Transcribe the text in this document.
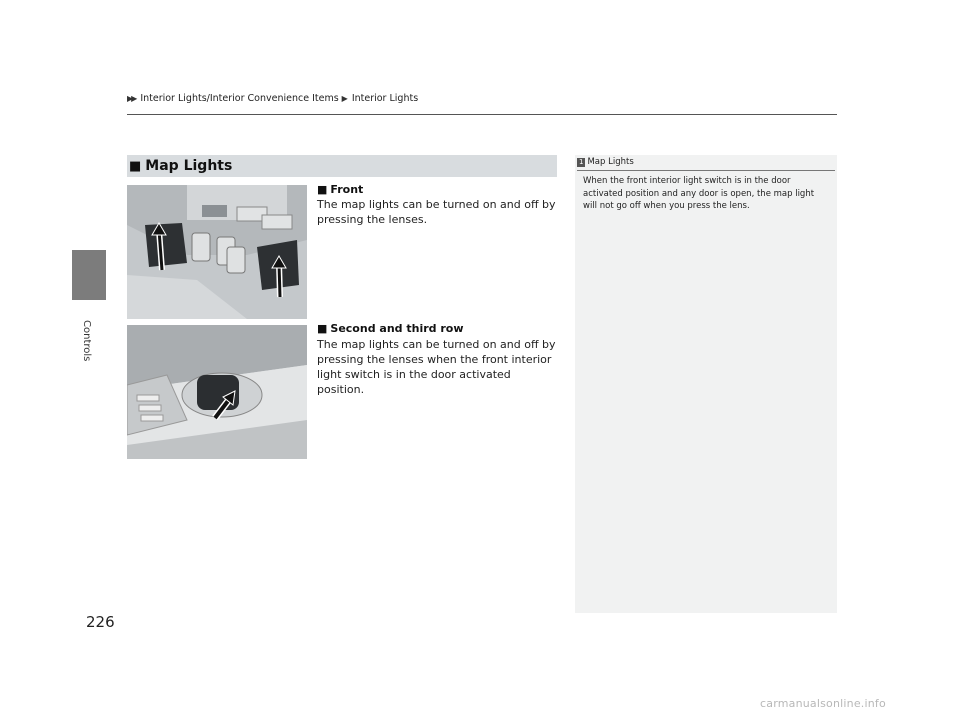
▶▶ Interior Lights/Interior Convenience Items ▶ Interior Lights
Controls
■ Map Lights
■ Front
The map lights can be turned on and off by pressing the lenses.
■ Second and third row
The map lights can be turned on and off by pressing the lenses when the front interior light switch is in the door activated position.
1 Map Lights
When the front interior light switch is in the door activated position and any door is open, the map light will not go off when you press the lens.
226
carmanualsonline.info
